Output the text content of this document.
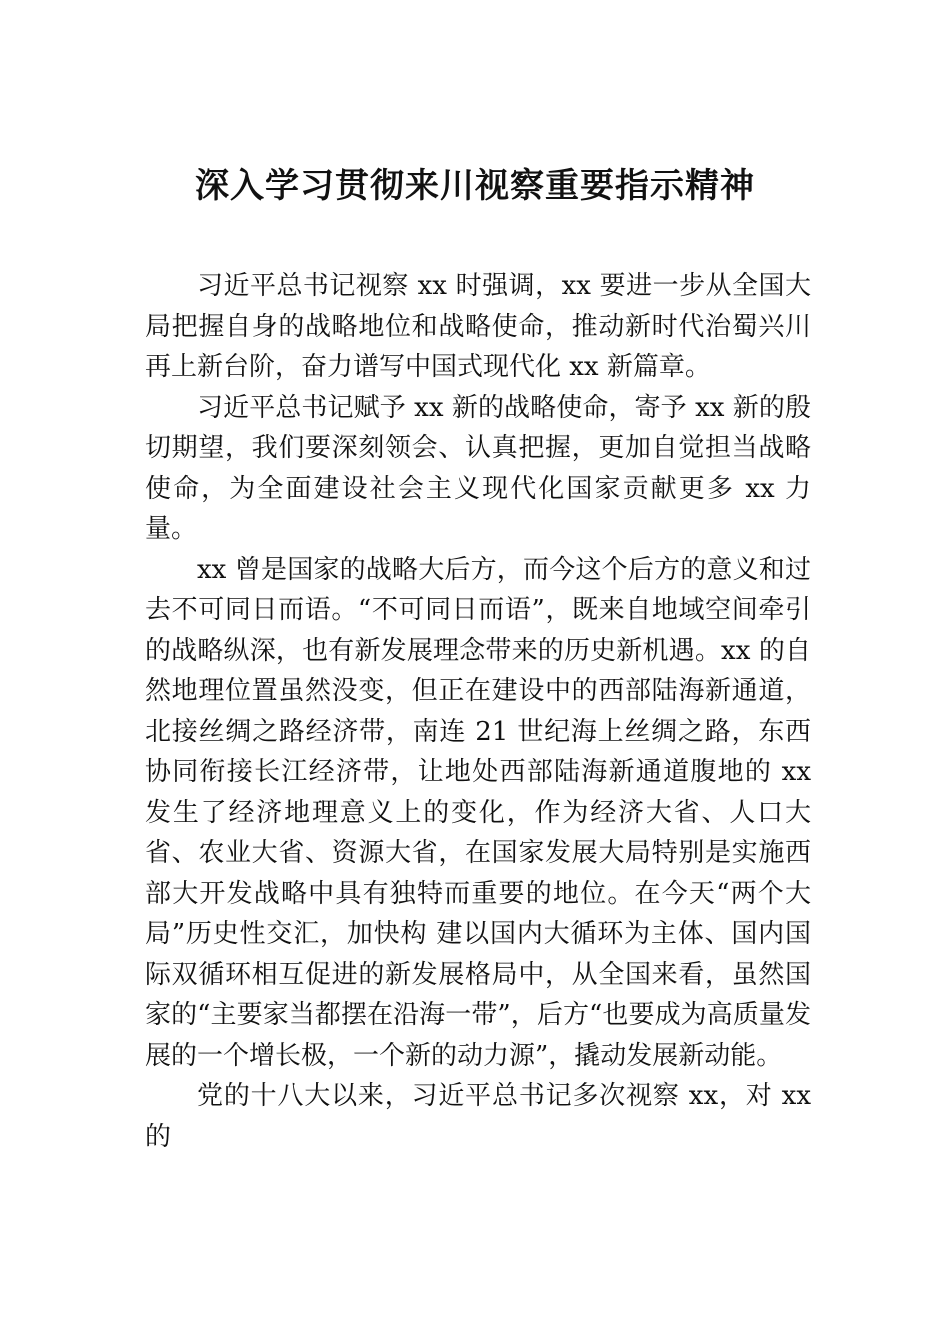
深入学习贯彻来川视察重要指示精神

习近平总书记视察 xx 时强调，xx 要进一步从全国大局把握自身的战略地位和战略使命，推动新时代治蜀兴川再上新台阶，奋力谱写中国式现代化 xx 新篇章。

习近平总书记赋予 xx 新的战略使命，寄予 xx 新的殷切期望，我们要深刻领会、认真把握，更加自觉担当战略使命，为全面建设社会主义现代化国家贡献更多 xx 力量。

xx 曾是国家的战略大后方，而今这个后方的意义和过去不可同日而语。“不可同日而语”，既来自地域空间牵引的战略纵深，也有新发展理念带来的历史新机遇。xx 的自然地理位置虽然没变，但正在建设中的西部陆海新通道，北接丝绸之路经济带，南连 21 世纪海上丝绸之路，东西协同衔接长江经济带，让地处西部陆海新通道腹地的 xx 发生了经济地理意义上的变化，作为经济大省、人口大省、农业大省、资源大省，在国家发展大局特别是实施西部大开发战略中具有独特而重要的地位。在今天“两个大局”历史性交汇，加快构 建以国内大循环为主体、国内国际双循环相互促进的新发展格局中，从全国来看，虽然国家的“主要家当都摆在沿海一带”，后方“也要成为高质量发展的一个增长极，一个新的动力源”，撬动发展新动能。

党的十八大以来，习近平总书记多次视察 xx，对 xx 的
